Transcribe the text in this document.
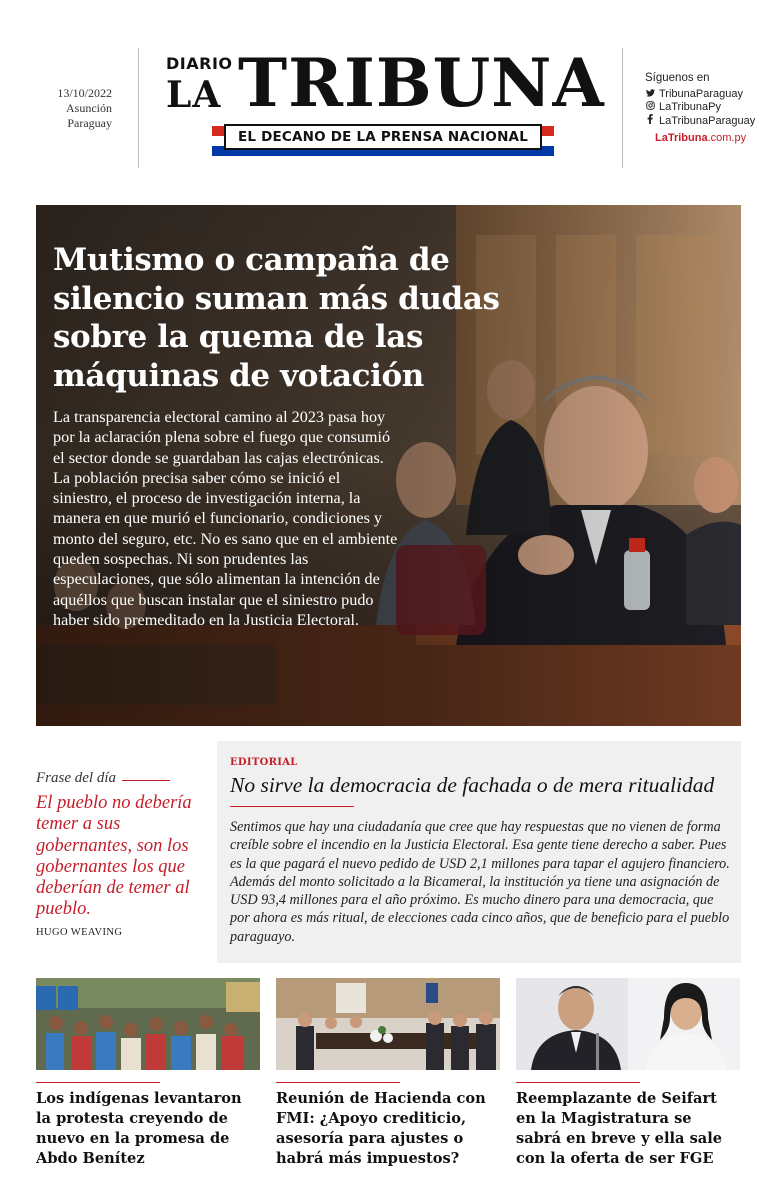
13/10/2022
Asunción
Paraguay
DIARIO
LA TRIBUNA
EL DECANO DE LA PRENSA NACIONAL
Síguenos en
TribunaParaguay
LaTribunaPy
LaTribunaParaguay
LaTribuna.com.py
Mutismo o campaña de silencio suman más dudas sobre la quema de las máquinas de votación

La transparencia electoral camino al 2023 pasa hoy por la aclaración plena sobre el fuego que consumió el sector donde se guardaban las cajas electrónicas. La población precisa saber cómo se inició el siniestro, el proceso de investigación interna, la manera en que murió el funcionario, condiciones y monto del seguro, etc. No es sano que en el ambiente queden sospechas. Ni son prudentes las especulaciones, que sólo alimentan la intención de aquéllos que buscan instalar que el siniestro pudo haber sido premeditado en la Justicia Electoral.

Frase del día
El pueblo no debería temer a sus gobernantes, son los gobernantes los que deberían de temer al pueblo.
HUGO WEAVING
EDITORIAL
No sirve la democracia de fachada o de mera ritualidad
Sentimos que hay una ciudadanía que cree que hay respuestas que no vienen de forma creíble sobre el incendio en la Justicia Electoral. Esa gente tiene derecho a saber. Pues es la que pagará el nuevo pedido de USD 2,1 millones para tapar el agujero financiero. Además del monto solicitado a la Bicameral, la institución ya tiene una asignación de USD 93,4 millones para el año próximo. Es mucho dinero para una democracia, que por ahora es más ritual, de elecciones cada cinco años, que de beneficio para el pueblo paraguayo.
Los indígenas levantaron la protesta creyendo de nuevo en la promesa de Abdo Benítez
Reunión de Hacienda con FMI: ¿Apoyo crediticio, asesoría para ajustes o habrá más impuestos?
Reemplazante de Seifart en la Magistratura se sabrá en breve y ella sale con la oferta de ser FGE
